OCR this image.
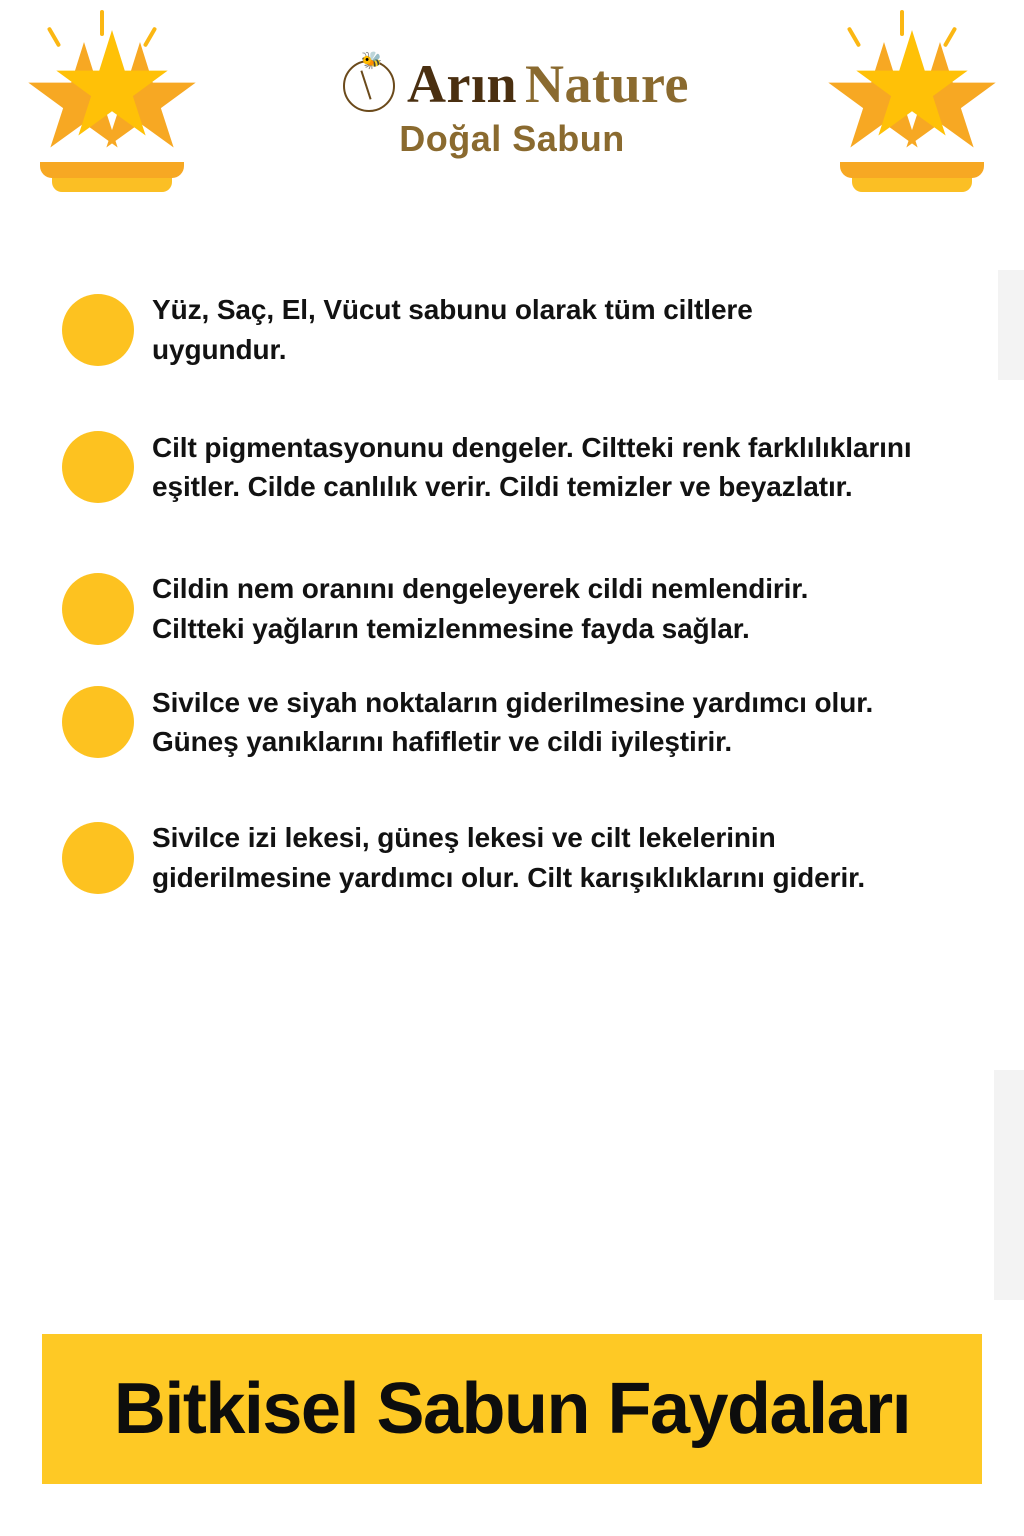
🐝 Arın Nature
Doğal Sabun
Yüz, Saç, El, Vücut sabunu olarak tüm ciltlere uygundur.
Cilt pigmentasyonunu dengeler. Ciltteki renk farklılıklarını eşitler. Cilde canlılık verir. Cildi temizler ve beyazlatır.
Cildin nem oranını dengeleyerek cildi nemlendirir. Ciltteki yağların temizlenmesine fayda sağlar.
Sivilce ve siyah noktaların giderilmesine yardımcı olur. Güneş yanıklarını hafifletir ve cildi iyileştirir.
Sivilce izi lekesi, güneş lekesi ve cilt lekelerinin giderilmesine yardımcı olur. Cilt karışıklıklarını giderir.
Bitkisel Sabun Faydaları
